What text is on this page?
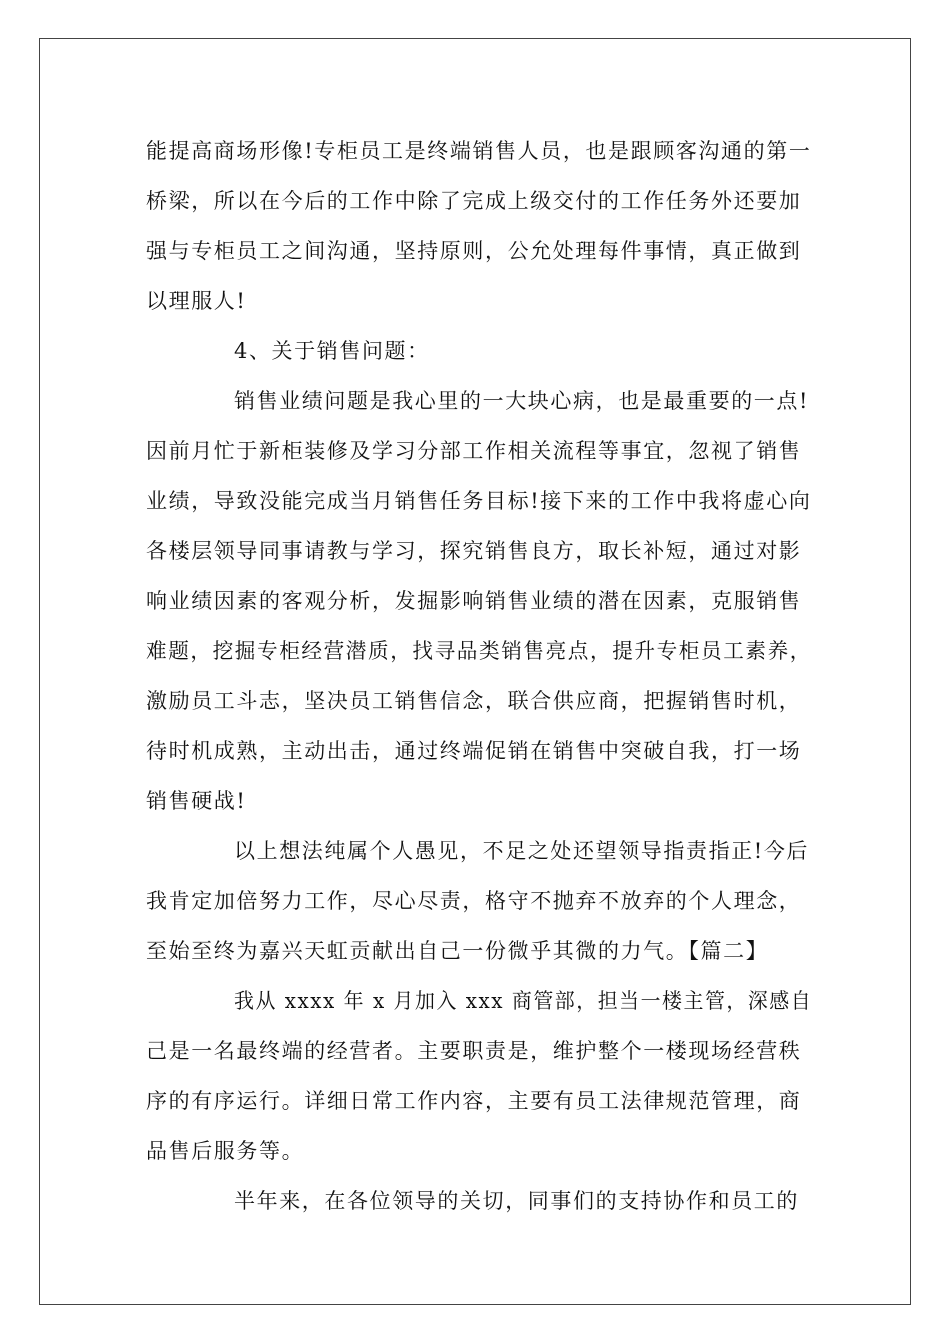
能提高商场形像!专柜员工是终端销售人员，也是跟顾客沟通的第一
桥梁，所以在今后的工作中除了完成上级交付的工作任务外还要加
强与专柜员工之间沟通，坚持原则，公允处理每件事情，真正做到
以理服人!
4、关于销售问题：
销售业绩问题是我心里的一大块心病，也是最重要的一点!
因前月忙于新柜装修及学习分部工作相关流程等事宜，忽视了销售
业绩，导致没能完成当月销售任务目标!接下来的工作中我将虚心向
各楼层领导同事请教与学习，探究销售良方，取长补短，通过对影
响业绩因素的客观分析，发掘影响销售业绩的潜在因素，克服销售
难题，挖掘专柜经营潜质，找寻品类销售亮点，提升专柜员工素养，
激励员工斗志，坚决员工销售信念，联合供应商，把握销售时机，
待时机成熟，主动出击，通过终端促销在销售中突破自我，打一场
销售硬战!
以上想法纯属个人愚见，不足之处还望领导指责指正!今后
我肯定加倍努力工作，尽心尽责，格守不抛弃不放弃的个人理念，
至始至终为嘉兴天虹贡献出自己一份微乎其微的力气。【篇二】
我从 xxxx 年 x 月加入 xxx 商管部，担当一楼主管，深感自
己是一名最终端的经营者。主要职责是，维护整个一楼现场经营秩
序的有序运行。详细日常工作内容，主要有员工法律规范管理，商
品售后服务等。
半年来，在各位领导的关切，同事们的支持协作和员工的
